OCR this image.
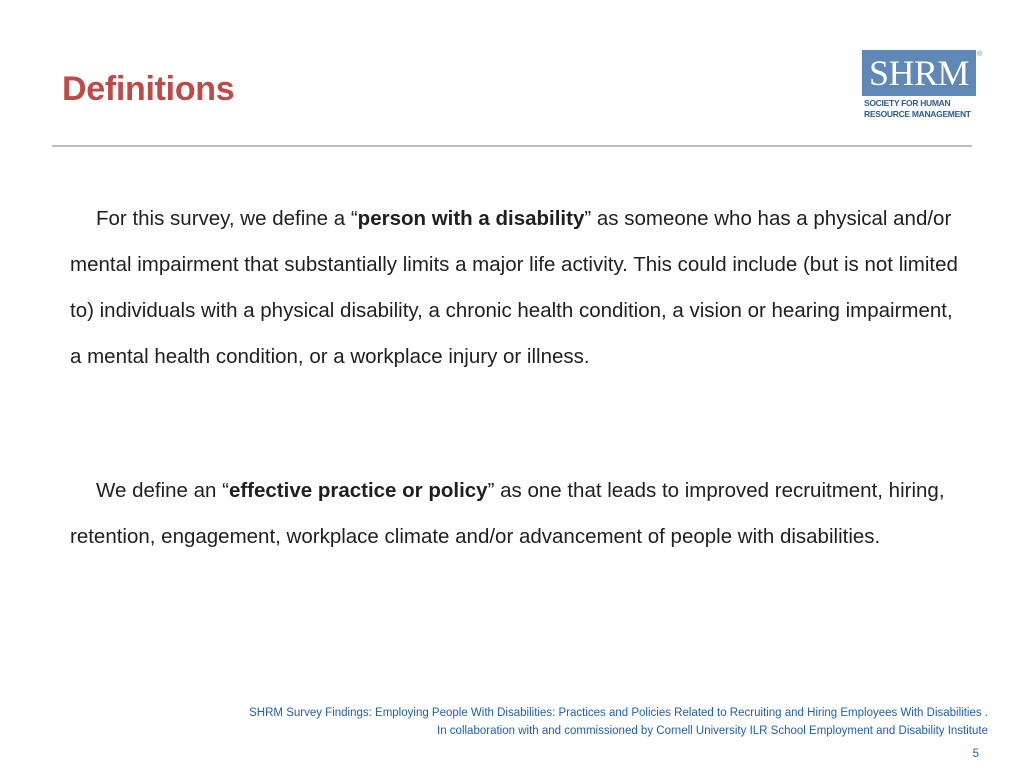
Definitions	SHRM	®
SOCIETY FOR HUMAN
RESOURCE MANAGEMENT

For this survey, we define a “person with a disability” as someone who has a physical and/or mental impairment that substantially limits a major life activity. This could include (but is not limited to) individuals with a physical disability, a chronic health condition, a vision or hearing impairment, a mental health condition, or a workplace injury or illness.

We define an “effective practice or policy” as one that leads to improved recruitment, hiring, retention, engagement, workplace climate and/or advancement of people with disabilities.

SHRM Survey Findings: Employing People With Disabilities: Practices and Policies Related to Recruiting and Hiring Employees With Disabilities .
In collaboration with and commissioned by Cornell University ILR School Employment and Disability Institute
5
